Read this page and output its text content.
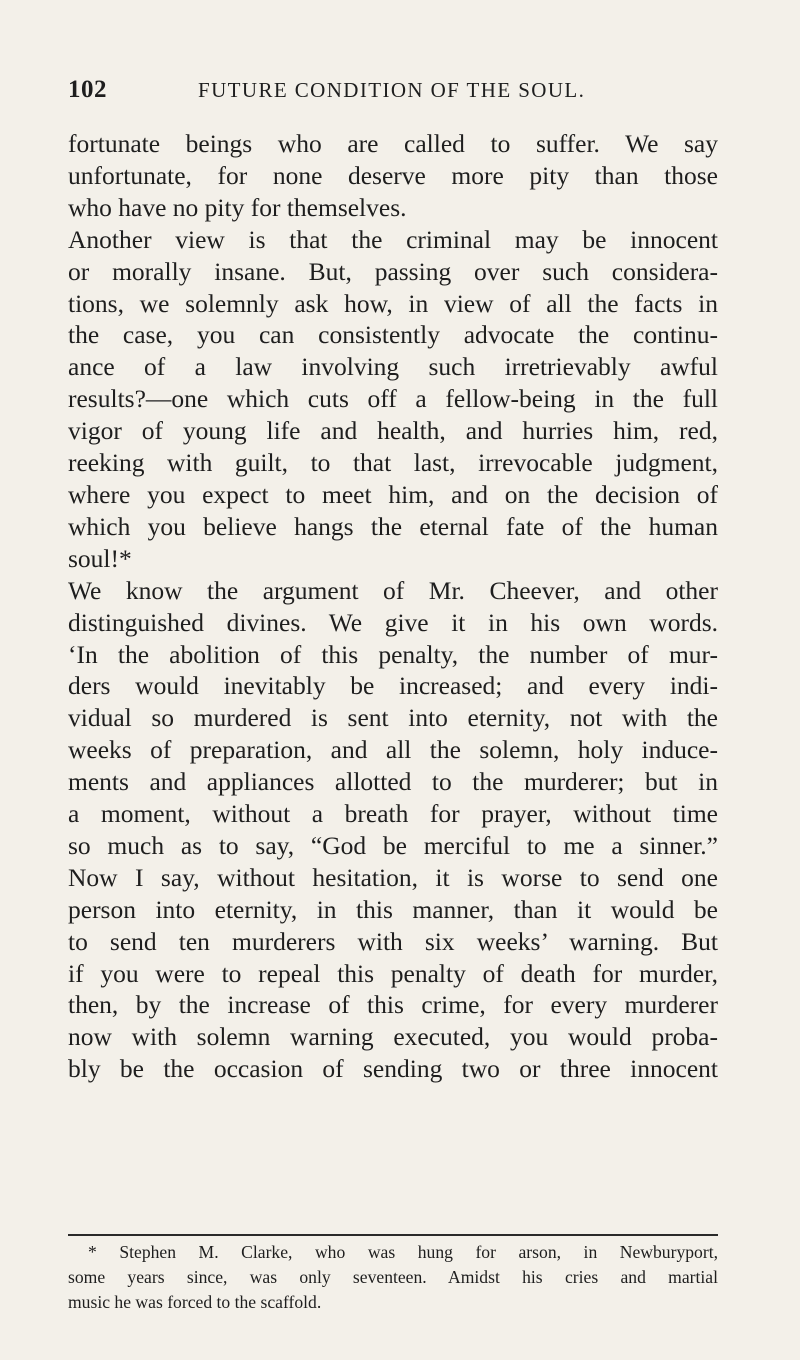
102	FUTURE CONDITION OF THE SOUL.
fortunate beings who are called to suffer. We say
unfortunate, for none deserve more pity than those
who have no pity for themselves.
Another view is that the criminal may be innocent
or morally insane. But, passing over such considera-
tions, we solemnly ask how, in view of all the facts in
the case, you can consistently advocate the continu-
ance of a law involving such irretrievably awful
results?—one which cuts off a fellow-being in the full
vigor of young life and health, and hurries him, red,
reeking with guilt, to that last, irrevocable judgment,
where you expect to meet him, and on the decision of
which you believe hangs the eternal fate of the human
soul!*
We know the argument of Mr. Cheever, and other
distinguished divines. We give it in his own words.
‘In the abolition of this penalty, the number of mur-
ders would inevitably be increased; and every indi-
vidual so murdered is sent into eternity, not with the
weeks of preparation, and all the solemn, holy induce-
ments and appliances allotted to the murderer; but in
a moment, without a breath for prayer, without time
so much as to say, “God be merciful to me a sinner.”
Now I say, without hesitation, it is worse to send one
person into eternity, in this manner, than it would be
to send ten murderers with six weeks’ warning. But
if you were to repeal this penalty of death for murder,
then, by the increase of this crime, for every murderer
now with solemn warning executed, you would proba-
bly be the occasion of sending two or three innocent
* Stephen M. Clarke, who was hung for arson, in Newburyport,
some years since, was only seventeen. Amidst his cries and martial
music he was forced to the scaffold.
